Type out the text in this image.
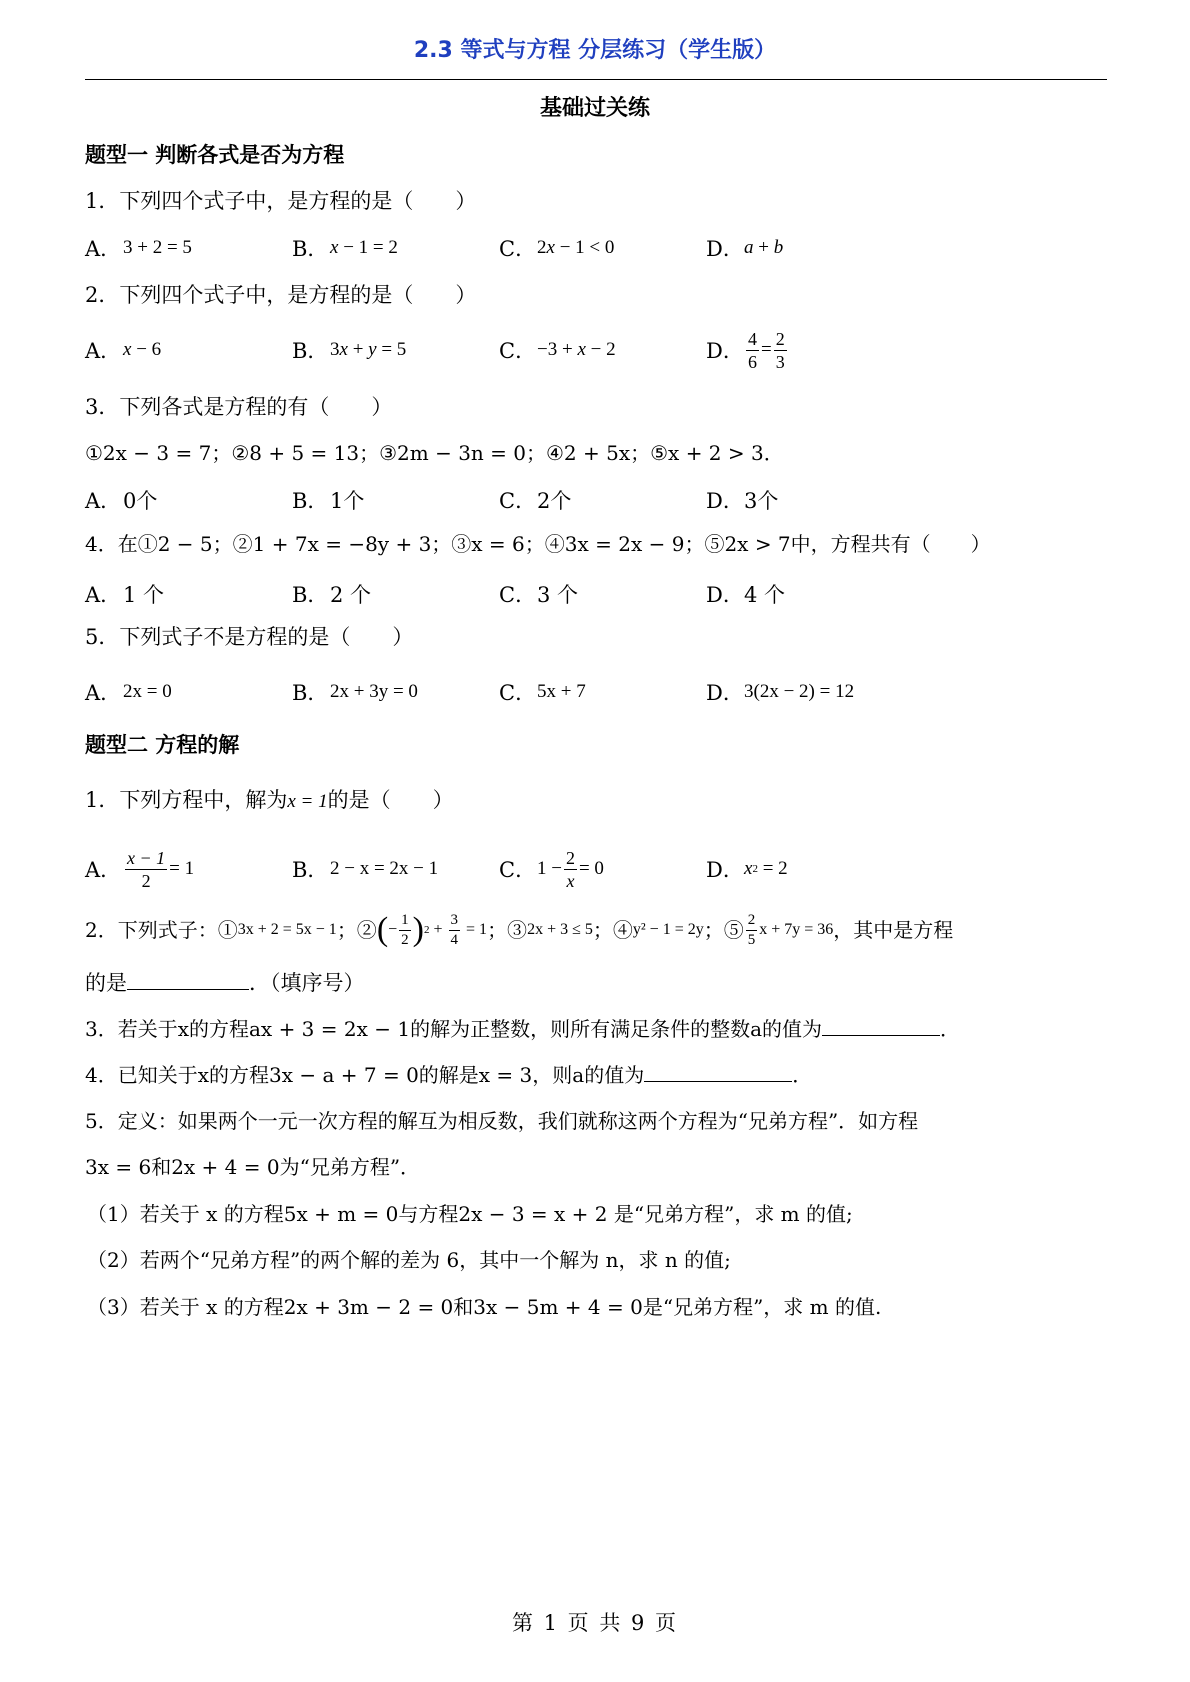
2.3 等式与方程 分层练习（学生版）
基础过关练
题型一 判断各式是否为方程
1．下列四个式子中，是方程的是（　　）
A． 3 + 2 = 5	B． x − 1 = 2	C． 2 x − 1 < 0	D． a + b
2．下列四个式子中，是方程的是（　　）
A． x − 6	B． 3 x + y = 5	C． −3 + x − 2	D． $\frac{4}{6} = \frac{2}{3}$
3．下列各式是方程的有（　　）
①2x − 3 = 7；②8 + 5 = 13；③2m − 3n = 0；④2 + 5x；⑤x + 2 > 3．
A． 0个	B． 1个	C． 2个	D． 3个
4．在①2 − 5；②1 + 7x = −8y + 3；③x = 6；④3x = 2x − 9；⑤2x > 7中，方程共有（　　）
A． 1 个	B． 2 个	C． 3 个	D． 4 个
5．下列式子不是方程的是（　　）
A． 2x = 0	B． 2x + 3y = 0	C． 5x + 7	D． 3(2x − 2) = 12
题型二 方程的解
1．下列方程中，解为x = 1的是（　　）
A． $\frac{x - 1}{2} = 1$	B． 2 − x = 2x − 1	C． $1 - \frac{2}{x} = 0$	D． x 2 = 2
2．下列式子：① 3x + 2 = 5x − 1 ；② ( − $\frac{1}{2}$ ) $2 + \frac{3}{4} = 1$ ；③ 2x + 3 ≤ 5 ；④ y² − 1 = 2y ；⑤ $\frac{2}{5}$ x + 7y = 36 ，其中是方程
的是	．（填序号）
3．若关于x的方程ax + 3 = 2x − 1的解为正整数，则所有满足条件的整数a的值为	．
4．已知关于x的方程3x − a + 7 = 0的解是x = 3，则a的值为	．
5．定义：如果两个一元一次方程的解互为相反数，我们就称这两个方程为“兄弟方程”．如方程
3x = 6和2x + 4 = 0为“兄弟方程”．
（1）若关于 x 的方程5x + m = 0与方程2x − 3 = x + 2 是“兄弟方程”，求 m 的值;
（2）若两个“兄弟方程”的两个解的差为 6，其中一个解为 n，求 n 的值;
（3）若关于 x 的方程2x + 3m − 2 = 0和3x − 5m + 4 = 0是“兄弟方程”，求 m 的值.
第 1 页 共 9 页
